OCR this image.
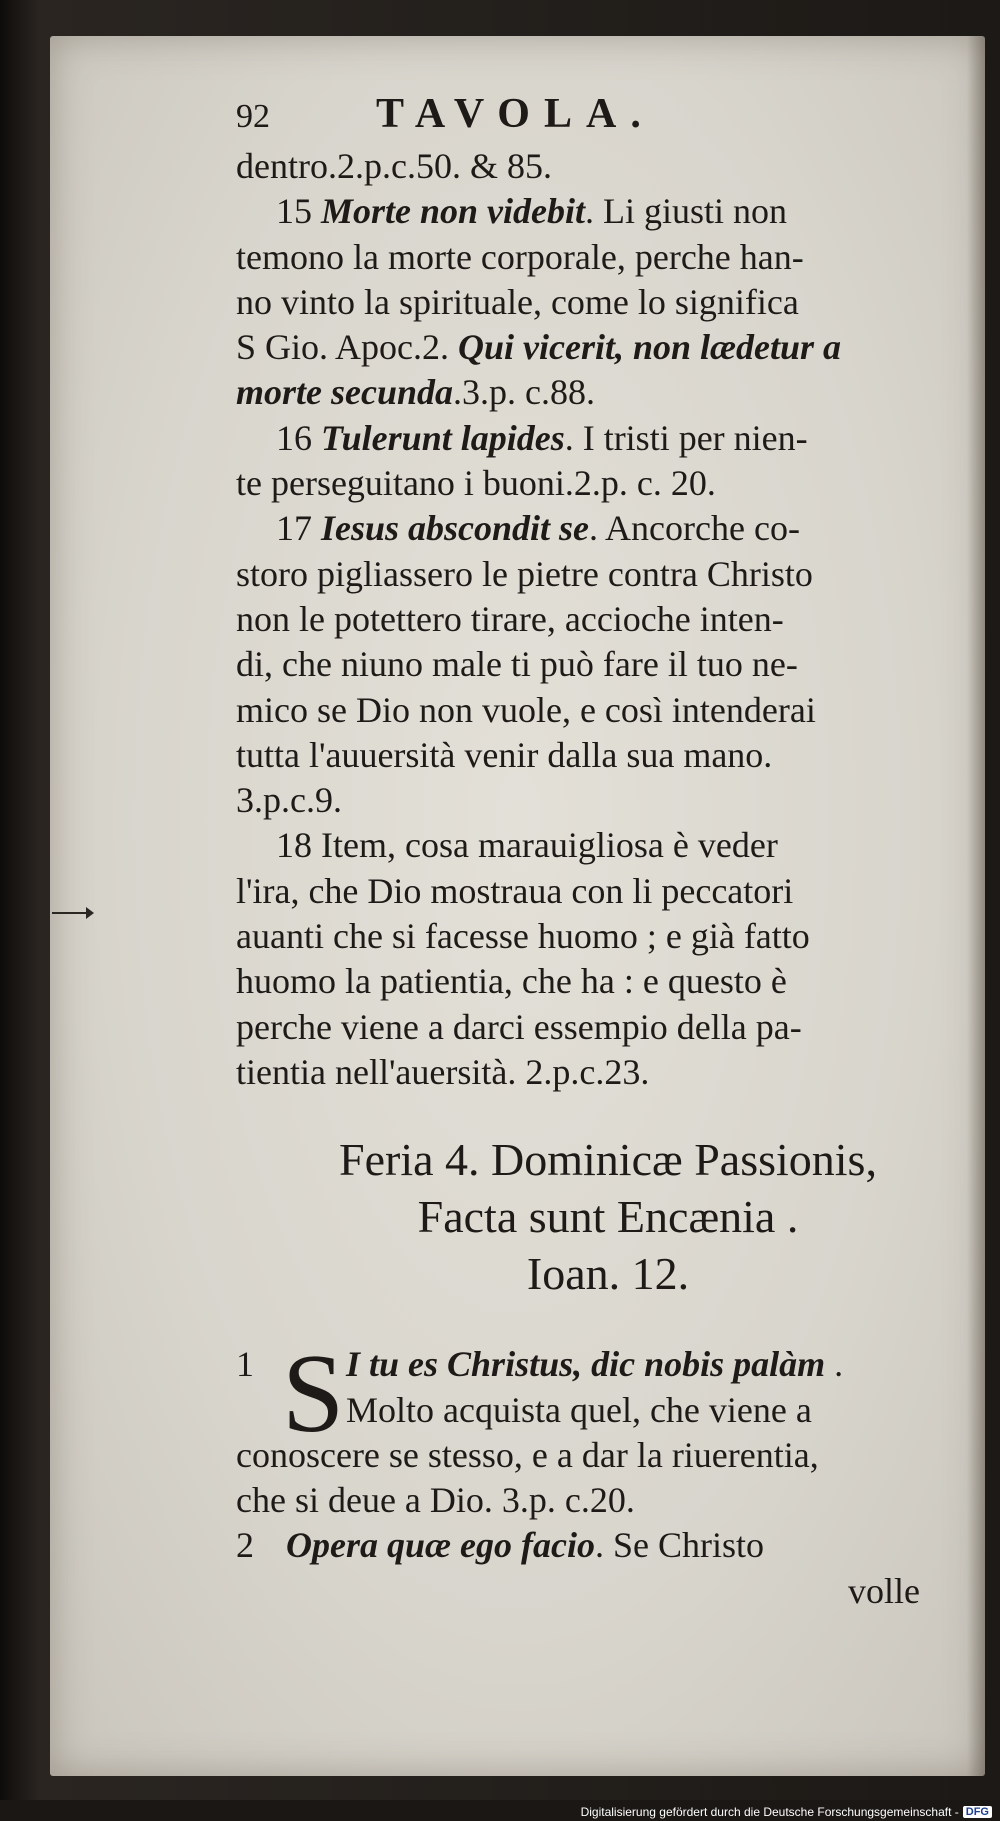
92	TAVOLA.
dentro.2.p.c.50. & 85.
15 Morte non videbit. Li giusti non
temono la morte corporale, perche han-
no vinto la spirituale, come lo significa
S Gio. Apoc.2. Qui vicerit, non lædetur a
morte secunda.3.p. c.88.
16 Tulerunt lapides. I tristi per nien-
te perseguitano i buoni.2.p. c. 20.
17 Iesus abscondit se. Ancorche co-
storo pigliassero le pietre contra Christo
non le potettero tirare, accioche inten-
di, che niuno male ti può fare il tuo ne-
mico se Dio non vuole, e così intenderai
tutta l'auuersità venir dalla sua mano.
3.p.c.9.
18 Item, cosa marauigliosa è veder
l'ira, che Dio mostraua con li peccatori
auanti che si facesse huomo ; e già fatto
huomo la patientia, che ha : e questo è
perche viene a darci essempio della pa-
tientia nell'auersità. 2.p.c.23.
Feria 4. Dominicæ Passionis,
Facta sunt Encænia .
Ioan. 12.
S
1	I tu es Christus, dic nobis palàm .
Molto acquista quel, che viene a
conoscere se stesso, e a dar la riuerentia,
che si deue a Dio. 3.p. c.20.
2 Opera quæ ego facio. Se Christo
volle
Digitalisierung gefördert durch die Deutsche Forschungsgemeinschaft - DFG
